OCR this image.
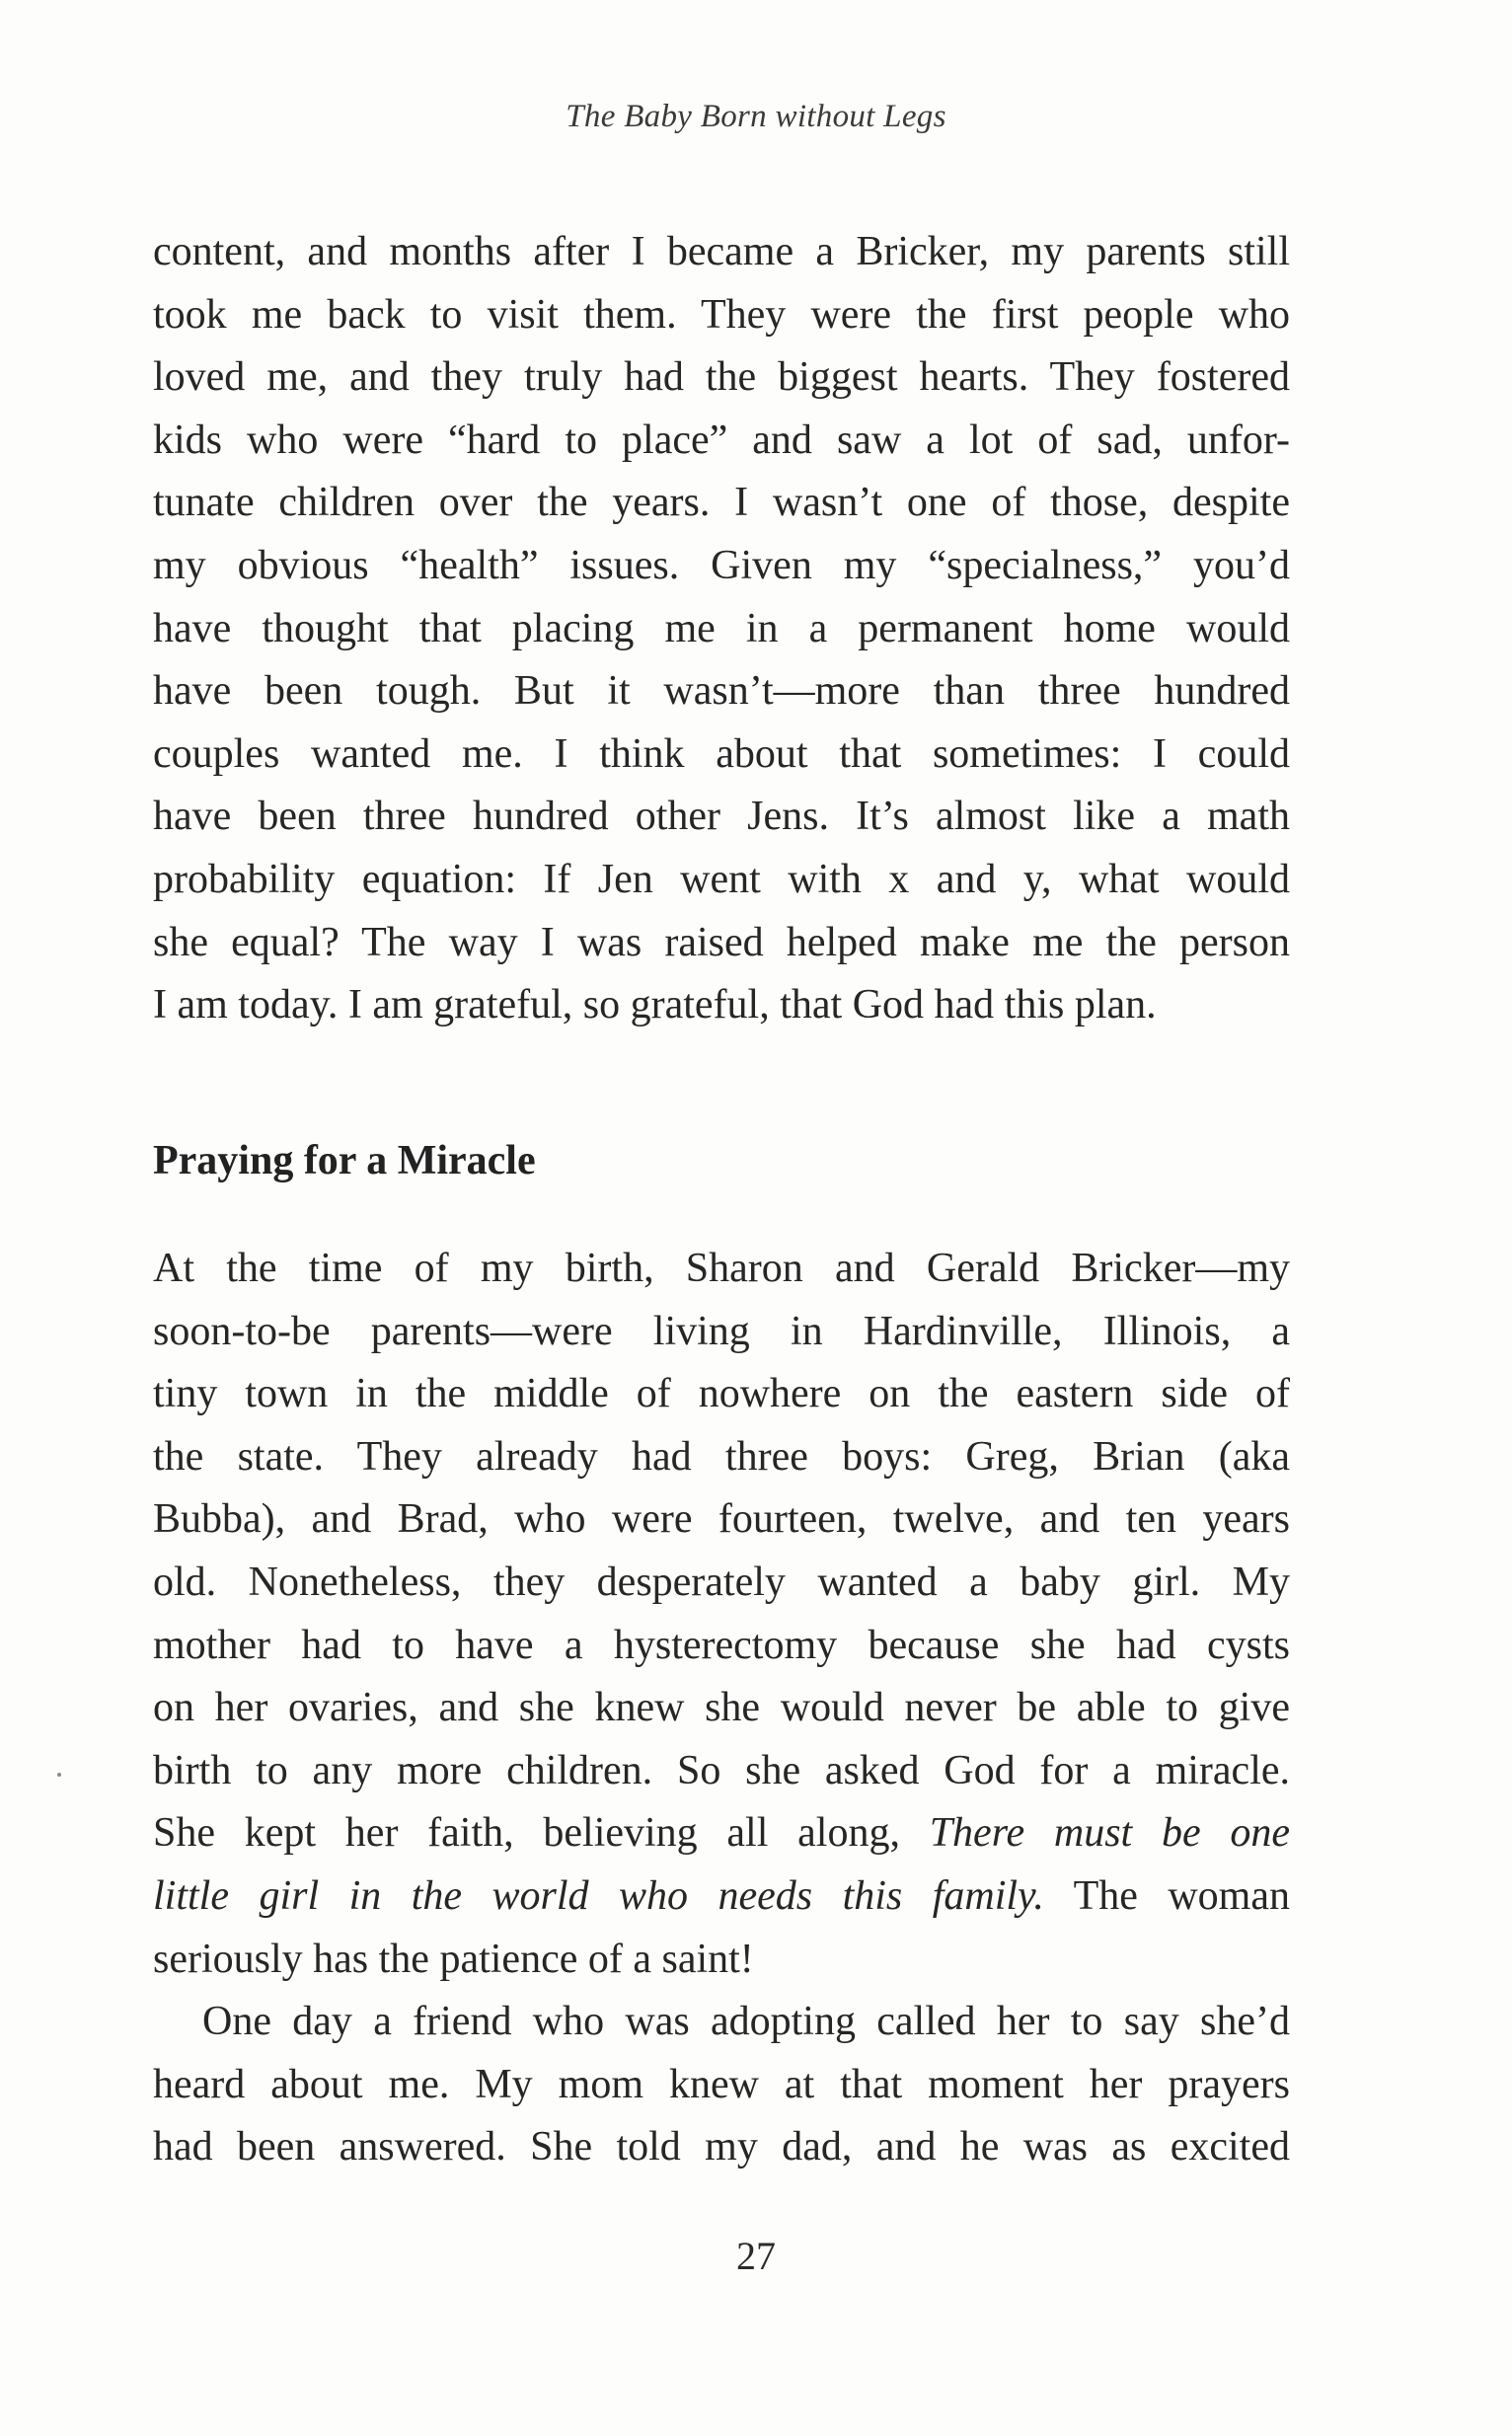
The Baby Born without Legs
content, and months after I became a Bricker, my parents still
took me back to visit them. They were the first people who
loved me, and they truly had the biggest hearts. They fostered
kids who were “hard to place” and saw a lot of sad, unfor-
tunate children over the years. I wasn’t one of those, despite
my obvious “health” issues. Given my “specialness,” you’d
have thought that placing me in a permanent home would
have been tough. But it wasn’t—more than three hundred
couples wanted me. I think about that sometimes: I could
have been three hundred other Jens. It’s almost like a math
probability equation: If Jen went with x and y, what would
she equal? The way I was raised helped make me the person
I am today. I am grateful, so grateful, that God had this plan.
Praying for a Miracle
At the time of my birth, Sharon and Gerald Bricker—my
soon-to-be parents—were living in Hardinville, Illinois, a
tiny town in the middle of nowhere on the eastern side of
the state. They already had three boys: Greg, Brian (aka
Bubba), and Brad, who were fourteen, twelve, and ten years
old. Nonetheless, they desperately wanted a baby girl. My
mother had to have a hysterectomy because she had cysts
on her ovaries, and she knew she would never be able to give
birth to any more children. So she asked God for a miracle.
She kept her faith, believing all along, There must be one
little girl in the world who needs this family. The woman
seriously has the patience of a saint!
One day a friend who was adopting called her to say she’d
heard about me. My mom knew at that moment her prayers
had been answered. She told my dad, and he was as excited
27
